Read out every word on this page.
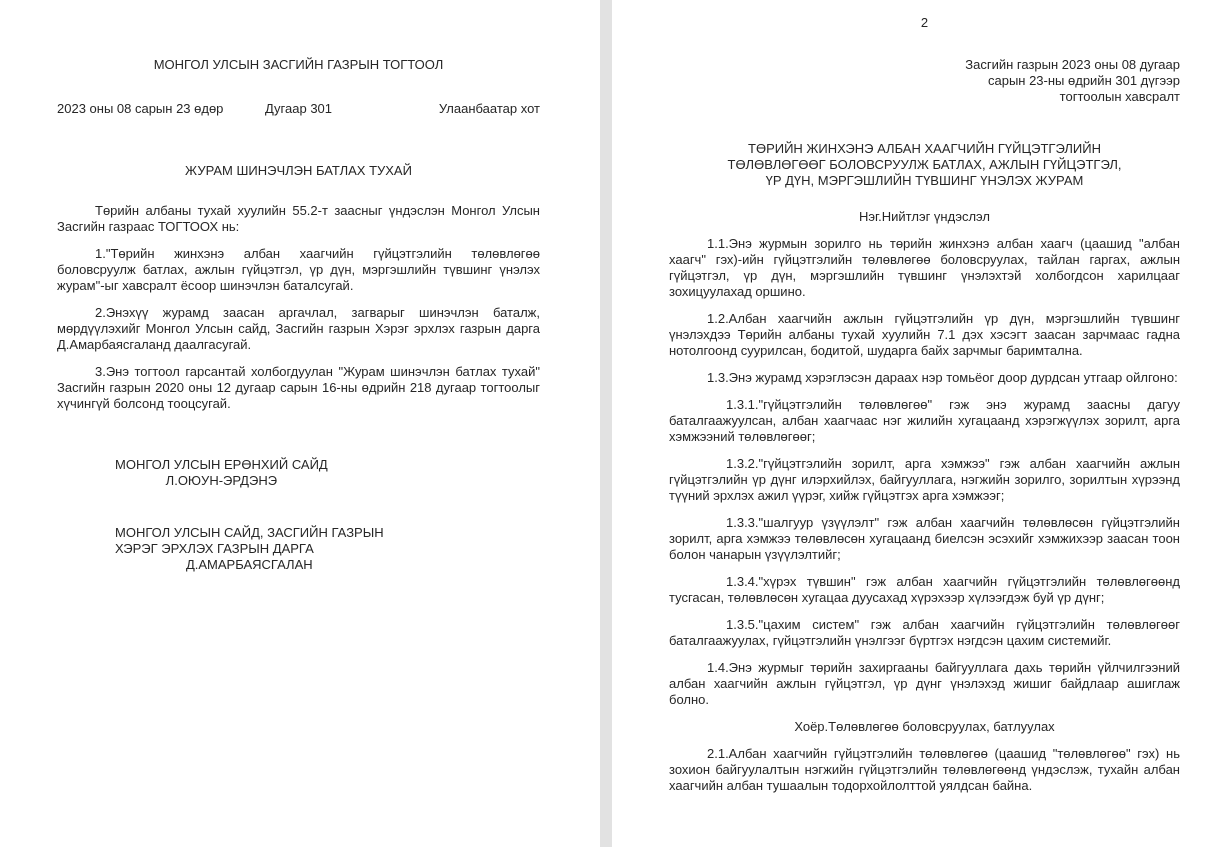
МОНГОЛ УЛСЫН ЗАСГИЙН ГАЗРЫН ТОГТООЛ
2023 оны 08 сарын 23 өдөр	Дугаар 301	Улаанбаатар хот
ЖУРАМ ШИНЭЧЛЭН БАТЛАХ ТУХАЙ

Төрийн албаны тухай хуулийн 55.2-т заасныг үндэслэн Монгол Улсын Засгийн газраас ТОГТООХ нь:

1."Төрийн жинхэнэ албан хаагчийн гүйцэтгэлийн төлөвлөгөө боловсруулж батлах, ажлын гүйцэтгэл, үр дүн, мэргэшлийн түвшинг үнэлэх журам"-ыг хавсралт ёсоор шинэчлэн баталсугай.

2.Энэхүү журамд заасан аргачлал, загварыг шинэчлэн баталж, мөрдүүлэхийг Монгол Улсын сайд, Засгийн газрын Хэрэг эрхлэх газрын дарга Д.Амарбаясгаланд даалгасугай.

3.Энэ тогтоол гарсантай холбогдуулан "Журам шинэчлэн батлах тухай" Засгийн газрын 2020 оны 12 дугаар сарын 16-ны өдрийн 218 дугаар тогтоолыг хүчингүй болсонд тооцсугай.

МОНГОЛ УЛСЫН ЕРӨНХИЙ САЙД
Л.ОЮУН-ЭРДЭНЭ
МОНГОЛ УЛСЫН САЙД, ЗАСГИЙН ГАЗРЫН
ХЭРЭГ ЭРХЛЭХ ГАЗРЫН ДАРГА
Д.АМАРБАЯСГАЛАН
2
Засгийн газрын 2023 оны 08 дугаар
сарын 23-ны өдрийн 301 дүгээр
тогтоолын хавсралт
ТӨРИЙН ЖИНХЭНЭ АЛБАН ХААГЧИЙН ГҮЙЦЭТГЭЛИЙН
ТӨЛӨВЛӨГӨӨГ БОЛОВСРУУЛЖ БАТЛАХ, АЖЛЫН ГҮЙЦЭТГЭЛ,
ҮР ДҮН, МЭРГЭШЛИЙН ТҮВШИНГ ҮНЭЛЭХ ЖУРАМ

Нэг.Нийтлэг үндэслэл

1.1.Энэ журмын зорилго нь төрийн жинхэнэ албан хаагч (цаашид "албан хаагч" гэх)-ийн гүйцэтгэлийн төлөвлөгөө боловсруулах, тайлан гаргах, ажлын гүйцэтгэл, үр дүн, мэргэшлийн түвшинг үнэлэхтэй холбогдсон харилцааг зохицуулахад оршино.

1.2.Албан хаагчийн ажлын гүйцэтгэлийн үр дүн, мэргэшлийн түвшинг үнэлэхдээ Төрийн албаны тухай хуулийн 7.1 дэх хэсэгт заасан зарчмаас гадна нотолгоонд суурилсан, бодитой, шударга байх зарчмыг баримтална.

1.3.Энэ журамд хэрэглэсэн дараах нэр томьёог доор дурдсан утгаар ойлгоно:

1.3.1."гүйцэтгэлийн төлөвлөгөө" гэж энэ журамд заасны дагуу баталгаажуулсан, албан хаагчаас нэг жилийн хугацаанд хэрэгжүүлэх зорилт, арга хэмжээний төлөвлөгөөг;

1.3.2."гүйцэтгэлийн зорилт, арга хэмжээ" гэж албан хаагчийн ажлын гүйцэтгэлийн үр дүнг илэрхийлэх, байгууллага, нэгжийн зорилго, зорилтын хүрээнд түүний эрхлэх ажил үүрэг, хийж гүйцэтгэх арга хэмжээг;

1.3.3."шалгуур үзүүлэлт" гэж албан хаагчийн төлөвлөсөн гүйцэтгэлийн зорилт, арга хэмжээ төлөвлөсөн хугацаанд биелсэн эсэхийг хэмжихээр заасан тоон болон чанарын үзүүлэлтийг;

1.3.4."хүрэх түвшин" гэж албан хаагчийн гүйцэтгэлийн төлөвлөгөөнд тусгасан, төлөвлөсөн хугацаа дуусахад хүрэхээр хүлээгдэж буй үр дүнг;

1.3.5."цахим систем" гэж албан хаагчийн гүйцэтгэлийн төлөвлөгөөг баталгаажуулах, гүйцэтгэлийн үнэлгээг бүртгэх нэгдсэн цахим системийг.

1.4.Энэ журмыг төрийн захиргааны байгууллага дахь төрийн үйлчилгээний албан хаагчийн ажлын гүйцэтгэл, үр дүнг үнэлэхэд жишиг байдлаар ашиглаж болно.

Хоёр.Төлөвлөгөө боловсруулах, батлуулах

2.1.Албан хаагчийн гүйцэтгэлийн төлөвлөгөө (цаашид "төлөвлөгөө" гэх) нь зохион байгуулалтын нэгжийн гүйцэтгэлийн төлөвлөгөөнд үндэслэж, тухайн албан хаагчийн албан тушаалын тодорхойлолттой уялдсан байна.
